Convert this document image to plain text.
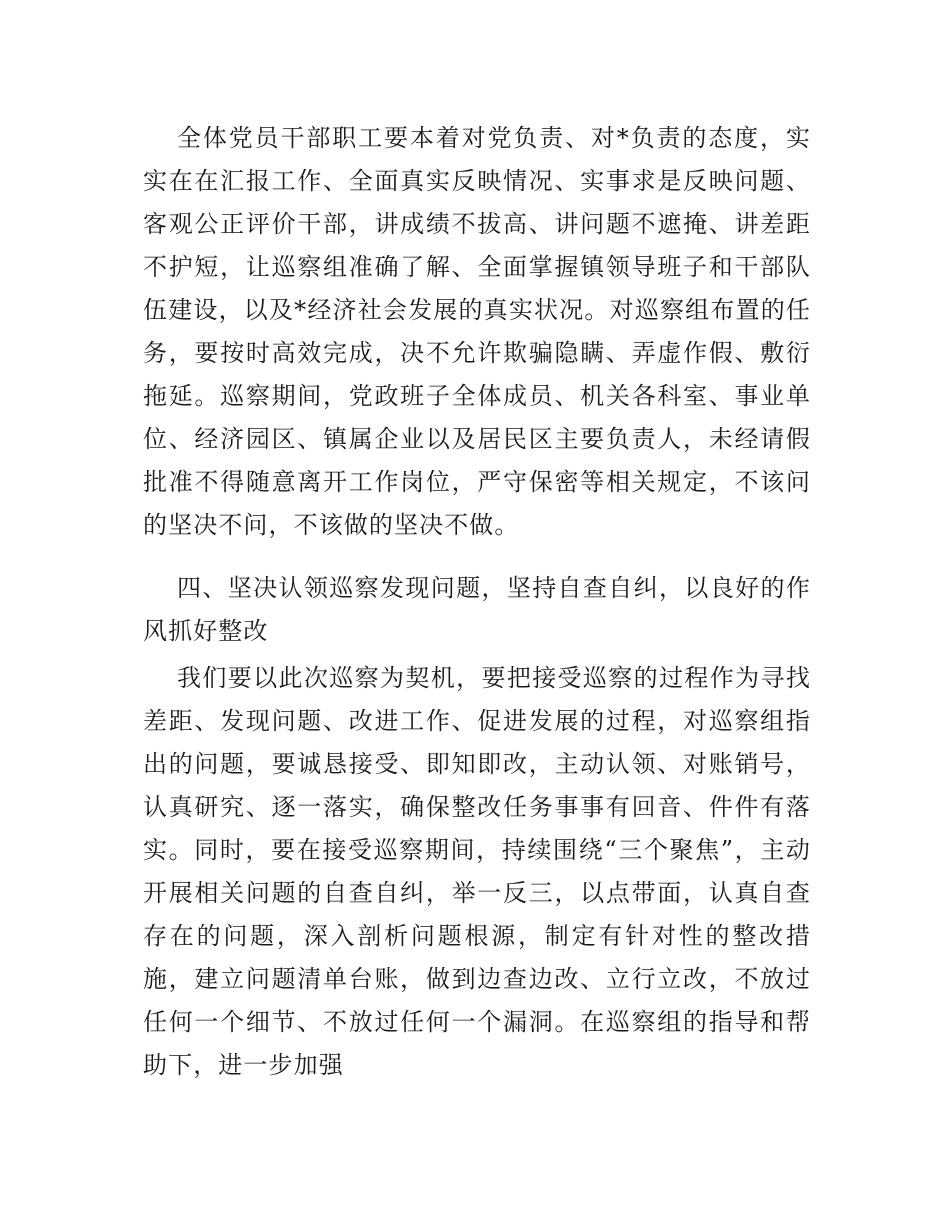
全体党员干部职工要本着对党负责、对*负责的态度，实实在在汇报工作、全面真实反映情况、实事求是反映问题、客观公正评价干部，讲成绩不拔高、讲问题不遮掩、讲差距不护短，让巡察组准确了解、全面掌握镇领导班子和干部队伍建设，以及*经济社会发展的真实状况。对巡察组布置的任务，要按时高效完成，决不允许欺骗隐瞒、弄虚作假、敷衍拖延。巡察期间，党政班子全体成员、机关各科室、事业单位、经济园区、镇属企业以及居民区主要负责人，未经请假批准不得随意离开工作岗位，严守保密等相关规定，不该问的坚决不问，不该做的坚决不做。

四、坚决认领巡察发现问题，坚持自查自纠，以良好的作风抓好整改

我们要以此次巡察为契机，要把接受巡察的过程作为寻找差距、发现问题、改进工作、促进发展的过程，对巡察组指出的问题，要诚恳接受、即知即改，主动认领、对账销号，认真研究、逐一落实，确保整改任务事事有回音、件件有落实。同时，要在接受巡察期间，持续围绕“三个聚焦”，主动开展相关问题的自查自纠，举一反三，以点带面，认真自查存在的问题，深入剖析问题根源，制定有针对性的整改措施，建立问题清单台账，做到边查边改、立行立改，不放过任何一个细节、不放过任何一个漏洞。在巡察组的指导和帮助下，进一步加强
